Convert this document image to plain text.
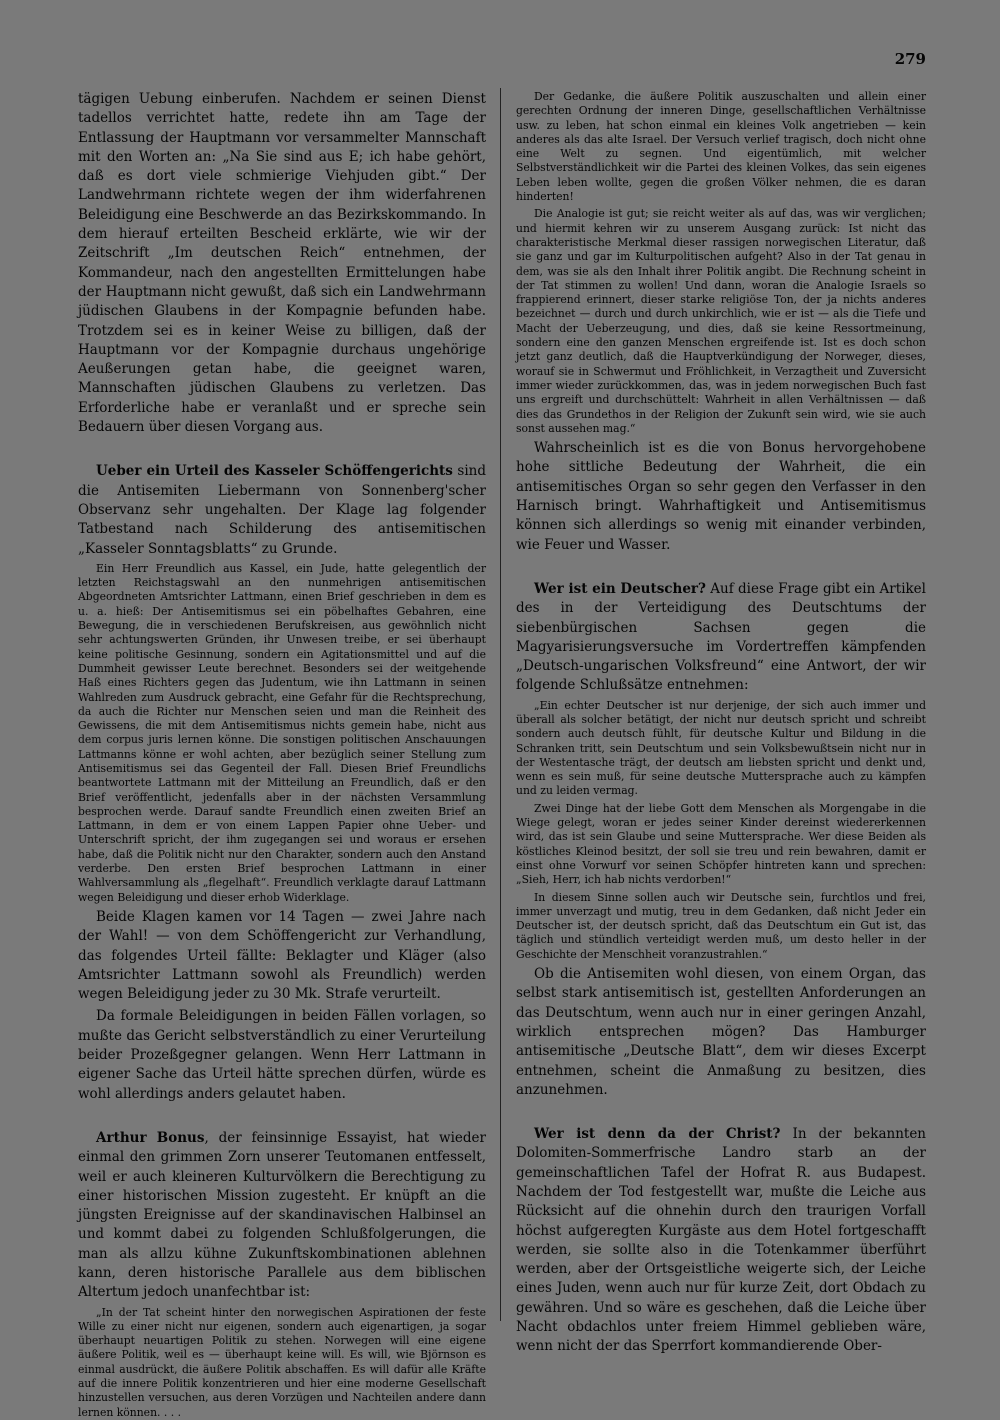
279

tägigen Uebung einberufen. Nachdem er seinen Dienst tadellos verrichtet hatte, redete ihn am Tage der Entlassung der Hauptmann vor versammelter Mannschaft mit den Worten an: „Na Sie sind aus E; ich habe gehört, daß es dort viele schmierige Viehjuden gibt.“ Der Landwehrmann richtete wegen der ihm widerfahrenen Beleidigung eine Beschwerde an das Bezirkskommando. In dem hierauf erteilten Bescheid erklärte, wie wir der Zeitschrift „Im deutschen Reich“ entnehmen, der Kommandeur, nach den angestellten Ermittelungen habe der Hauptmann nicht gewußt, daß sich ein Landwehrmann jüdischen Glaubens in der Kompagnie befunden habe. Trotzdem sei es in keiner Weise zu billigen, daß der Hauptmann vor der Kompagnie durchaus ungehörige Aeußerungen getan habe, die geeignet waren, Mannschaften jüdischen Glaubens zu verletzen. Das Erforderliche habe er veranlaßt und er spreche sein Bedauern über diesen Vorgang aus.

Ueber ein Urteil des Kasseler Schöffengerichts sind die Antisemiten Liebermann von Sonnenberg'scher Observanz sehr ungehalten. Der Klage lag folgender Tatbestand nach Schilderung des antisemitischen „Kasseler Sonntagsblatts“ zu Grunde.

Ein Herr Freundlich aus Kassel, ein Jude, hatte gelegentlich der letzten Reichstagswahl an den nunmehrigen antisemitischen Abgeordneten Amtsrichter Lattmann, einen Brief geschrieben in dem es u. a. hieß: Der Antisemitismus sei ein pöbelhaftes Gebahren, eine Bewegung, die in verschiedenen Berufskreisen, aus gewöhnlich nicht sehr achtungswerten Gründen, ihr Unwesen treibe, er sei überhaupt keine politische Gesinnung, sondern ein Agitationsmittel und auf die Dummheit gewisser Leute berechnet. Besonders sei der weitgehende Haß eines Richters gegen das Judentum, wie ihn Lattmann in seinen Wahlreden zum Ausdruck gebracht, eine Gefahr für die Rechtsprechung, da auch die Richter nur Menschen seien und man die Reinheit des Gewissens, die mit dem Antisemitismus nichts gemein habe, nicht aus dem corpus juris lernen könne. Die sonstigen politischen Anschauungen Lattmanns könne er wohl achten, aber bezüglich seiner Stellung zum Antisemitismus sei das Gegenteil der Fall. Diesen Brief Freundlichs beantwortete Lattmann mit der Mitteilung an Freundlich, daß er den Brief veröffentlicht, jedenfalls aber in der nächsten Versammlung besprochen werde. Darauf sandte Freundlich einen zweiten Brief an Lattmann, in dem er von einem Lappen Papier ohne Ueber- und Unterschrift spricht, der ihm zugegangen sei und woraus er ersehen habe, daß die Politik nicht nur den Charakter, sondern auch den Anstand verderbe. Den ersten Brief besprochen Lattmann in einer Wahlversammlung als „flegelhaft“. Freundlich verklagte darauf Lattmann wegen Beleidigung und dieser erhob Widerklage.

Beide Klagen kamen vor 14 Tagen — zwei Jahre nach der Wahl! — von dem Schöffengericht zur Verhandlung, das folgendes Urteil fällte: Beklagter und Kläger (also Amtsrichter Lattmann sowohl als Freundlich) werden wegen Beleidigung jeder zu 30 Mk. Strafe verurteilt.

Da formale Beleidigungen in beiden Fällen vorlagen, so mußte das Gericht selbstverständlich zu einer Verurteilung beider Prozeßgegner gelangen. Wenn Herr Lattmann in eigener Sache das Urteil hätte sprechen dürfen, würde es wohl allerdings anders gelautet haben.

Arthur Bonus, der feinsinnige Essayist, hat wieder einmal den grimmen Zorn unserer Teutomanen entfesselt, weil er auch kleineren Kulturvölkern die Berechtigung zu einer historischen Mission zugesteht. Er knüpft an die jüngsten Ereignisse auf der skandinavischen Halbinsel an und kommt dabei zu folgenden Schlußfolgerungen, die man als allzu kühne Zukunftskombinationen ablehnen kann, deren historische Parallele aus dem biblischen Altertum jedoch unanfechtbar ist:

„In der Tat scheint hinter den norwegischen Aspirationen der feste Wille zu einer nicht nur eigenen, sondern auch eigenartigen, ja sogar überhaupt neuartigen Politik zu stehen. Norwegen will eine eigene äußere Politik, weil es — überhaupt keine will. Es will, wie Björnson es einmal ausdrückt, die äußere Politik abschaffen. Es will dafür alle Kräfte auf die innere Politik konzentrieren und hier eine moderne Gesellschaft hinzustellen versuchen, aus deren Vorzügen und Nachteilen andere dann lernen können. . . .

Der Gedanke, die äußere Politik auszuschalten und allein einer gerechten Ordnung der inneren Dinge, gesellschaftlichen Verhältnisse usw. zu leben, hat schon einmal ein kleines Volk angetrieben — kein anderes als das alte Israel. Der Versuch verlief tragisch, doch nicht ohne eine Welt zu segnen. Und eigentümlich, mit welcher Selbstverständlichkeit wir die Partei des kleinen Volkes, das sein eigenes Leben leben wollte, gegen die großen Völker nehmen, die es daran hinderten!

Die Analogie ist gut; sie reicht weiter als auf das, was wir verglichen; und hiermit kehren wir zu unserem Ausgang zurück: Ist nicht das charakteristische Merkmal dieser rassigen norwegischen Literatur, daß sie ganz und gar im Kulturpolitischen aufgeht? Also in der Tat genau in dem, was sie als den Inhalt ihrer Politik angibt. Die Rechnung scheint in der Tat stimmen zu wollen! Und dann, woran die Analogie Israels so frappierend erinnert, dieser starke religiöse Ton, der ja nichts anderes bezeichnet — durch und durch unkirchlich, wie er ist — als die Tiefe und Macht der Ueberzeugung, und dies, daß sie keine Ressortmeinung, sondern eine den ganzen Menschen ergreifende ist. Ist es doch schon jetzt ganz deutlich, daß die Hauptverkündigung der Norweger, dieses, worauf sie in Schwermut und Fröhlichkeit, in Verzagtheit und Zuversicht immer wieder zurückkommen, das, was in jedem norwegischen Buch fast uns ergreift und durchschüttelt: Wahrheit in allen Verhältnissen — daß dies das Grundethos in der Religion der Zukunft sein wird, wie sie auch sonst aussehen mag.“

Wahrscheinlich ist es die von Bonus hervorgehobene hohe sittliche Bedeutung der Wahrheit, die ein antisemitisches Organ so sehr gegen den Verfasser in den Harnisch bringt. Wahrhaftigkeit und Antisemitismus können sich allerdings so wenig mit einander verbinden, wie Feuer und Wasser.

Wer ist ein Deutscher? Auf diese Frage gibt ein Artikel des in der Verteidigung des Deutschtums der siebenbürgischen Sachsen gegen die Magyarisierungsversuche im Vordertreffen kämpfenden „Deutsch-ungarischen Volksfreund“ eine Antwort, der wir folgende Schlußsätze entnehmen:

„Ein echter Deutscher ist nur derjenige, der sich auch immer und überall als solcher betätigt, der nicht nur deutsch spricht und schreibt sondern auch deutsch fühlt, für deutsche Kultur und Bildung in die Schranken tritt, sein Deutschtum und sein Volksbewußtsein nicht nur in der Westentasche trägt, der deutsch am liebsten spricht und denkt und, wenn es sein muß, für seine deutsche Muttersprache auch zu kämpfen und zu leiden vermag.

Zwei Dinge hat der liebe Gott dem Menschen als Morgengabe in die Wiege gelegt, woran er jedes seiner Kinder dereinst wiedererkennen wird, das ist sein Glaube und seine Muttersprache. Wer diese Beiden als köstliches Kleinod besitzt, der soll sie treu und rein bewahren, damit er einst ohne Vorwurf vor seinen Schöpfer hintreten kann und sprechen: „Sieh, Herr, ich hab nichts verdorben!“

In diesem Sinne sollen auch wir Deutsche sein, furchtlos und frei, immer unverzagt und mutig, treu in dem Gedanken, daß nicht Jeder ein Deutscher ist, der deutsch spricht, daß das Deutschtum ein Gut ist, das täglich und stündlich verteidigt werden muß, um desto heller in der Geschichte der Menschheit voranzustrahlen.“

Ob die Antisemiten wohl diesen, von einem Organ, das selbst stark antisemitisch ist, gestellten Anforderungen an das Deutschtum, wenn auch nur in einer geringen Anzahl, wirklich entsprechen mögen? Das Hamburger antisemitische „Deutsche Blatt“, dem wir dieses Excerpt entnehmen, scheint die Anmaßung zu besitzen, dies anzunehmen.

Wer ist denn da der Christ? In der bekannten Dolomiten-Sommerfrische Landro starb an der gemeinschaftlichen Tafel der Hofrat R. aus Budapest. Nachdem der Tod festgestellt war, mußte die Leiche aus Rücksicht auf die ohnehin durch den traurigen Vorfall höchst aufgeregten Kurgäste aus dem Hotel fortgeschafft werden, sie sollte also in die Totenkammer überführt werden, aber der Ortsgeistliche weigerte sich, der Leiche eines Juden, wenn auch nur für kurze Zeit, dort Obdach zu gewähren. Und so wäre es geschehen, daß die Leiche über Nacht obdachlos unter freiem Himmel geblieben wäre, wenn nicht der das Sperrfort kommandierende Ober-
